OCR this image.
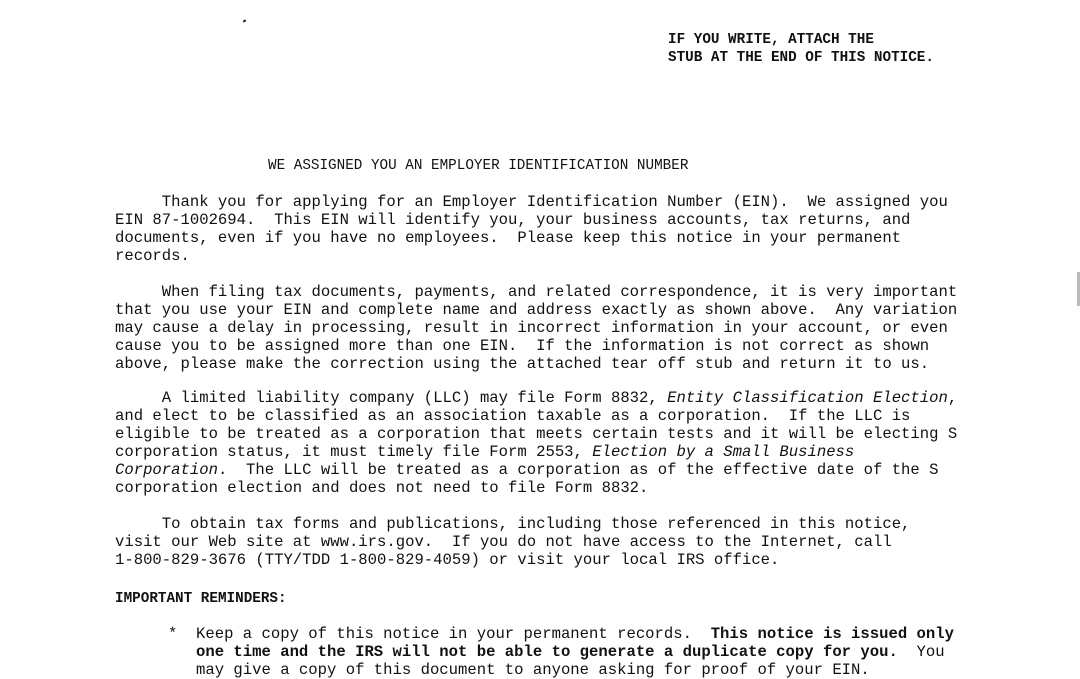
IF YOU WRITE, ATTACH THE
STUB AT THE END OF THIS NOTICE.
WE ASSIGNED YOU AN EMPLOYER IDENTIFICATION NUMBER
Thank you for applying for an Employer Identification Number (EIN).  We assigned you
EIN 87-1002694.  This EIN will identify you, your business accounts, tax returns, and
documents, even if you have no employees.  Please keep this notice in your permanent
records.
When filing tax documents, payments, and related correspondence, it is very important
that you use your EIN and complete name and address exactly as shown above.  Any variation
may cause a delay in processing, result in incorrect information in your account, or even
cause you to be assigned more than one EIN.  If the information is not correct as shown
above, please make the correction using the attached tear off stub and return it to us.
A limited liability company (LLC) may file Form 8832, Entity Classification Election,
and elect to be classified as an association taxable as a corporation.  If the LLC is
eligible to be treated as a corporation that meets certain tests and it will be electing S
corporation status, it must timely file Form 2553, Election by a Small Business
Corporation.  The LLC will be treated as a corporation as of the effective date of the S
corporation election and does not need to file Form 8832.
To obtain tax forms and publications, including those referenced in this notice,
visit our Web site at www.irs.gov.  If you do not have access to the Internet, call
1-800-829-3676 (TTY/TDD 1-800-829-4059) or visit your local IRS office.
IMPORTANT REMINDERS:
* Keep a copy of this notice in your permanent records.  This notice is issued only
one time and the IRS will not be able to generate a duplicate copy for you.  You
may give a copy of this document to anyone asking for proof of your EIN.
